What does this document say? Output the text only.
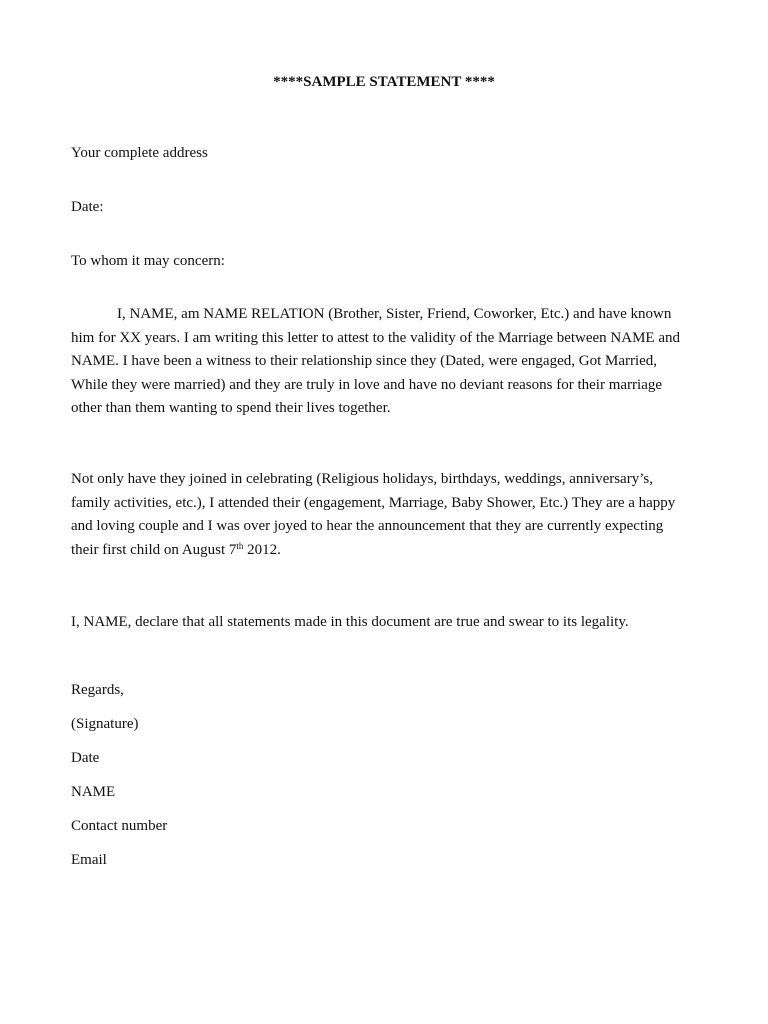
****SAMPLE STATEMENT ****
Your complete address
Date:
To whom it may concern:
I, NAME, am NAME RELATION (Brother, Sister, Friend, Coworker, Etc.) and have known
him for XX years. I am writing this letter to attest to the validity of the Marriage between NAME and
NAME. I have been a witness to their relationship since they (Dated, were engaged, Got Married,
While they were married) and they are truly in love and have no deviant reasons for their marriage
other than them wanting to spend their lives together.
Not only have they joined in celebrating (Religious holidays, birthdays, weddings, anniversary’s,
family activities, etc.), I attended their (engagement, Marriage, Baby Shower, Etc.) They are a happy
and loving couple and I was over joyed to hear the announcement that they are currently expecting
their first child on August 7th 2012.
I, NAME, declare that all statements made in this document are true and swear to its legality.
Regards,
(Signature)
Date
NAME
Contact number
Email
